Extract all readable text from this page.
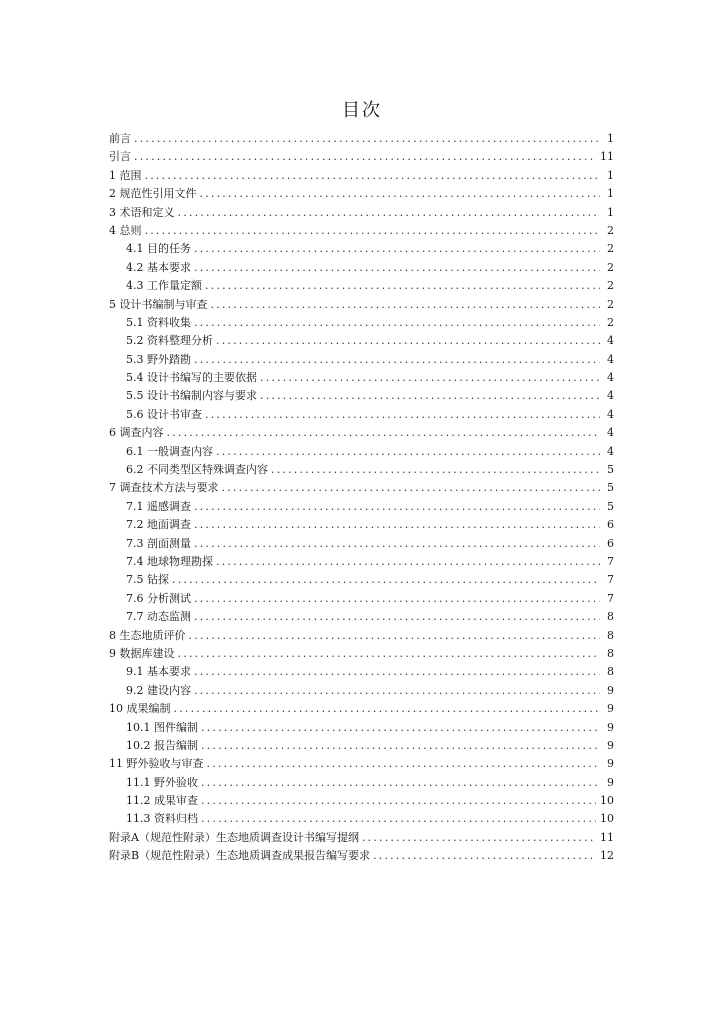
目次
前言 .....	1
引言 .....	11
1 范围 .....	1
2 规范性引用文件 .....	1
3 术语和定义 .....	1
4 总则 .....	2
4.1 目的任务 .....	2
4.2 基本要求 .....	2
4.3 工作量定额 .....	2
5 设计书编制与审查 .....	2
5.1 资料收集 .....	2
5.2 资料整理分析 .....	4
5.3 野外踏勘 .....	4
5.4 设计书编写的主要依据 .....	4
5.5 设计书编制内容与要求 .....	4
5.6 设计书审查 .....	4
6 调查内容 .....	4
6.1 一般调查内容 .....	4
6.2 不同类型区特殊调查内容 .....	5
7 调查技术方法与要求 .....	5
7.1 遥感调查 .....	5
7.2 地面调查 .....	6
7.3 剖面测量 .....	6
7.4 地球物理勘探 .....	7
7.5 钻探 .....	7
7.6 分析测试 .....	7
7.7 动态监测 .....	8
8 生态地质评价 .....	8
9 数据库建设 .....	8
9.1 基本要求 .....	8
9.2 建设内容 .....	9
10 成果编制 .....	9
10.1 图件编制 .....	9
10.2 报告编制 .....	9
11 野外验收与审查 .....	9
11.1 野外验收 .....	9
11.2 成果审查 .....	10
11.3 资料归档 .....	10
附录A（规范性附录）生态地质调查设计书编写提纲 .....	11
附录B（规范性附录）生态地质调查成果报告编写要求 .....	12
